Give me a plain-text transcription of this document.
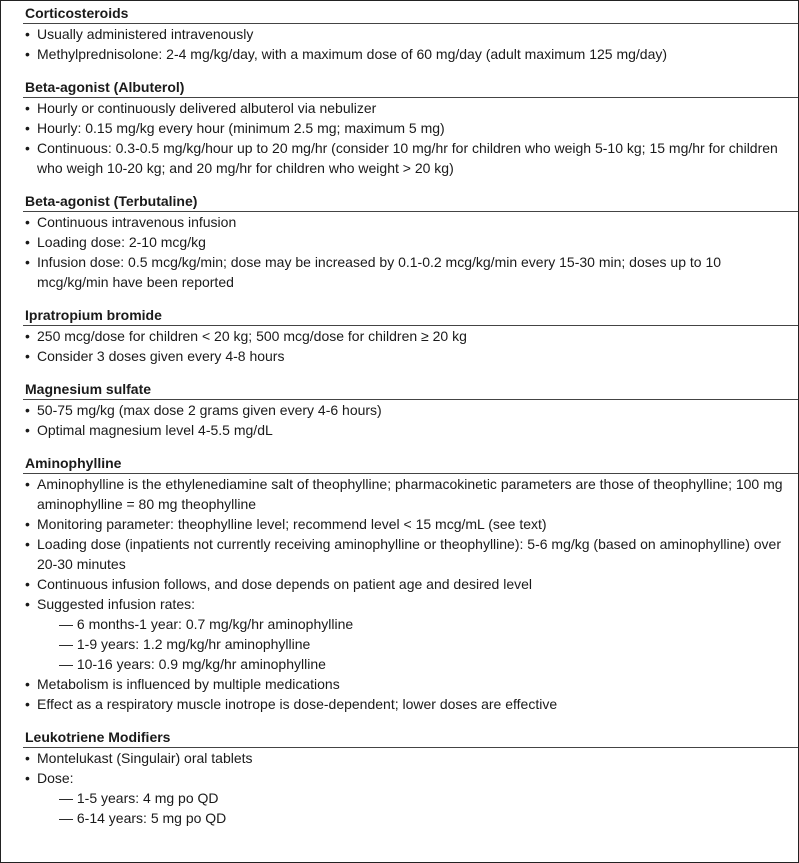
Corticosteroids
• Usually administered intravenously
• Methylprednisolone: 2-4 mg/kg/day, with a maximum dose of 60 mg/day (adult maximum 125 mg/day)
Beta-agonist (Albuterol)
• Hourly or continuously delivered albuterol via nebulizer
• Hourly: 0.15 mg/kg every hour (minimum 2.5 mg; maximum 5 mg)
• Continuous: 0.3-0.5 mg/kg/hour up to 20 mg/hr (consider 10 mg/hr for children who weigh 5-10 kg; 15 mg/hr for children who weigh 10-20 kg; and 20 mg/hr for children who weight > 20 kg)
Beta-agonist (Terbutaline)
• Continuous intravenous infusion
• Loading dose: 2-10 mcg/kg
• Infusion dose: 0.5 mcg/kg/min; dose may be increased by 0.1-0.2 mcg/kg/min every 15-30 min; doses up to 10 mcg/kg/min have been reported
Ipratropium bromide
• 250 mcg/dose for children < 20 kg; 500 mcg/dose for children ≥ 20 kg
• Consider 3 doses given every 4-8 hours
Magnesium sulfate
• 50-75 mg/kg (max dose 2 grams given every 4-6 hours)
• Optimal magnesium level 4-5.5 mg/dL
Aminophylline
• Aminophylline is the ethylenediamine salt of theophylline; pharmacokinetic parameters are those of theophylline; 100 mg aminophylline = 80 mg theophylline
• Monitoring parameter: theophylline level; recommend level < 15 mcg/mL (see text)
• Loading dose (inpatients not currently receiving aminophylline or theophylline): 5-6 mg/kg (based on aminophylline) over 20-30 minutes
• Continuous infusion follows, and dose depends on patient age and desired level
• Suggested infusion rates:
— 6 months-1 year: 0.7 mg/kg/hr aminophylline
— 1-9 years: 1.2 mg/kg/hr aminophylline
— 10-16 years: 0.9 mg/kg/hr aminophylline
• Metabolism is influenced by multiple medications
• Effect as a respiratory muscle inotrope is dose-dependent; lower doses are effective
Leukotriene Modifiers
• Montelukast (Singulair) oral tablets
• Dose:
— 1-5 years: 4 mg po QD
— 6-14 years: 5 mg po QD
